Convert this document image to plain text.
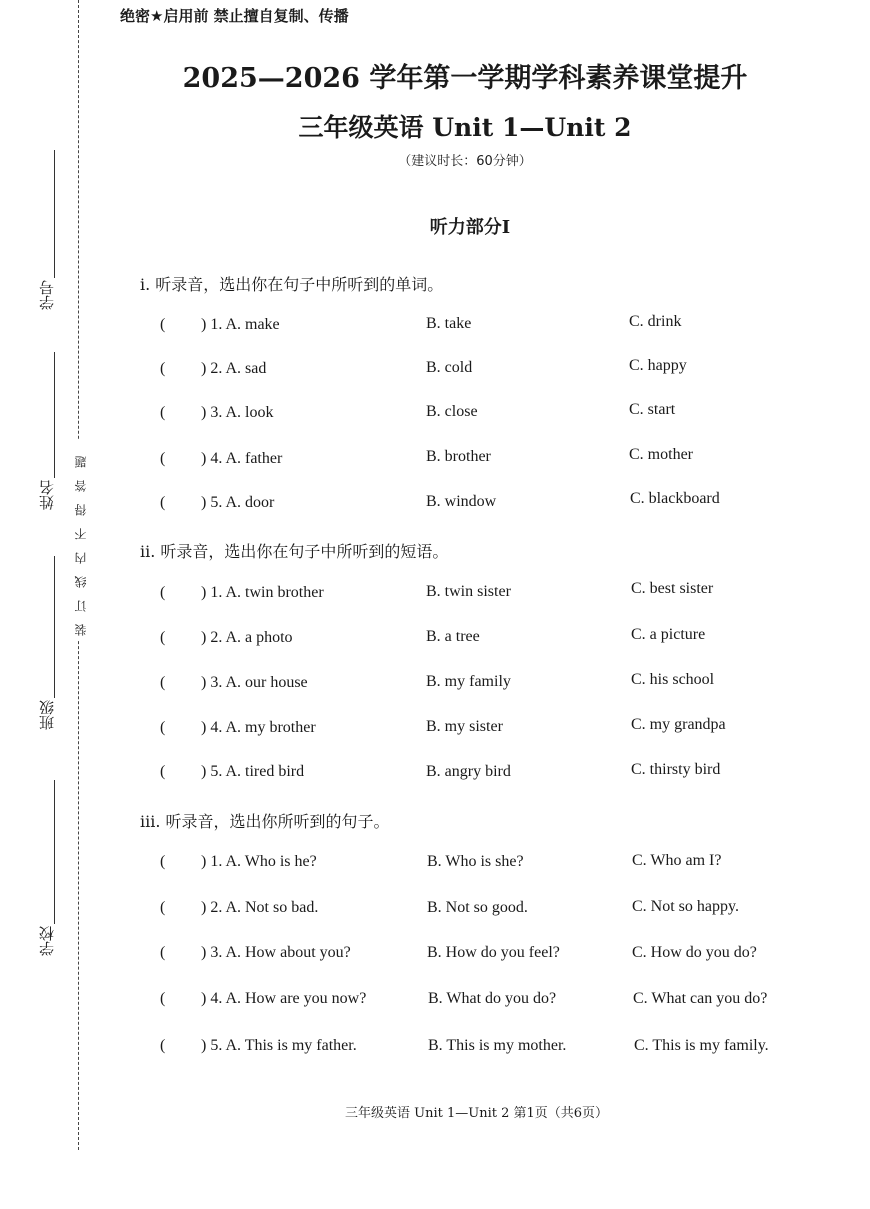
装订线内不得答题
学号
姓名
班级
学校
绝密★启用前 禁止擅自复制、传播
2025—2026 学年第一学期学科素养课堂提升
三年级英语 Unit 1—Unit 2
（建议时长：60分钟）
听力部分I
i. 听录音，选出你在句子中所听到的单词。
( ) 1. A. make	B. take	C. drink
( ) 2. A. sad	B. cold	C. happy
( ) 3. A. look	B. close	C. start
( ) 4. A. father	B. brother	C. mother
( ) 5. A. door	B. window	C. blackboard
ii. 听录音，选出你在句子中所听到的短语。
( ) 1. A. twin brother	B. twin sister	C. best sister
( ) 2. A. a photo	B. a tree	C. a picture
( ) 3. A. our house	B. my family	C. his school
( ) 4. A. my brother	B. my sister	C. my grandpa
( ) 5. A. tired bird	B. angry bird	C. thirsty bird
iii. 听录音，选出你所听到的句子。
( ) 1. A. Who is he?	B. Who is she?	C. Who am I?
( ) 2. A. Not so bad.	B. Not so good.	C. Not so happy.
( ) 3. A. How about you?	B. How do you feel?	C. How do you do?
( ) 4. A. How are you now?	B. What do you do?	C. What can you do?
( ) 5. A. This is my father.	B. This is my mother.	C. This is my family.
三年级英语 Unit 1—Unit 2 第1页（共6页）
